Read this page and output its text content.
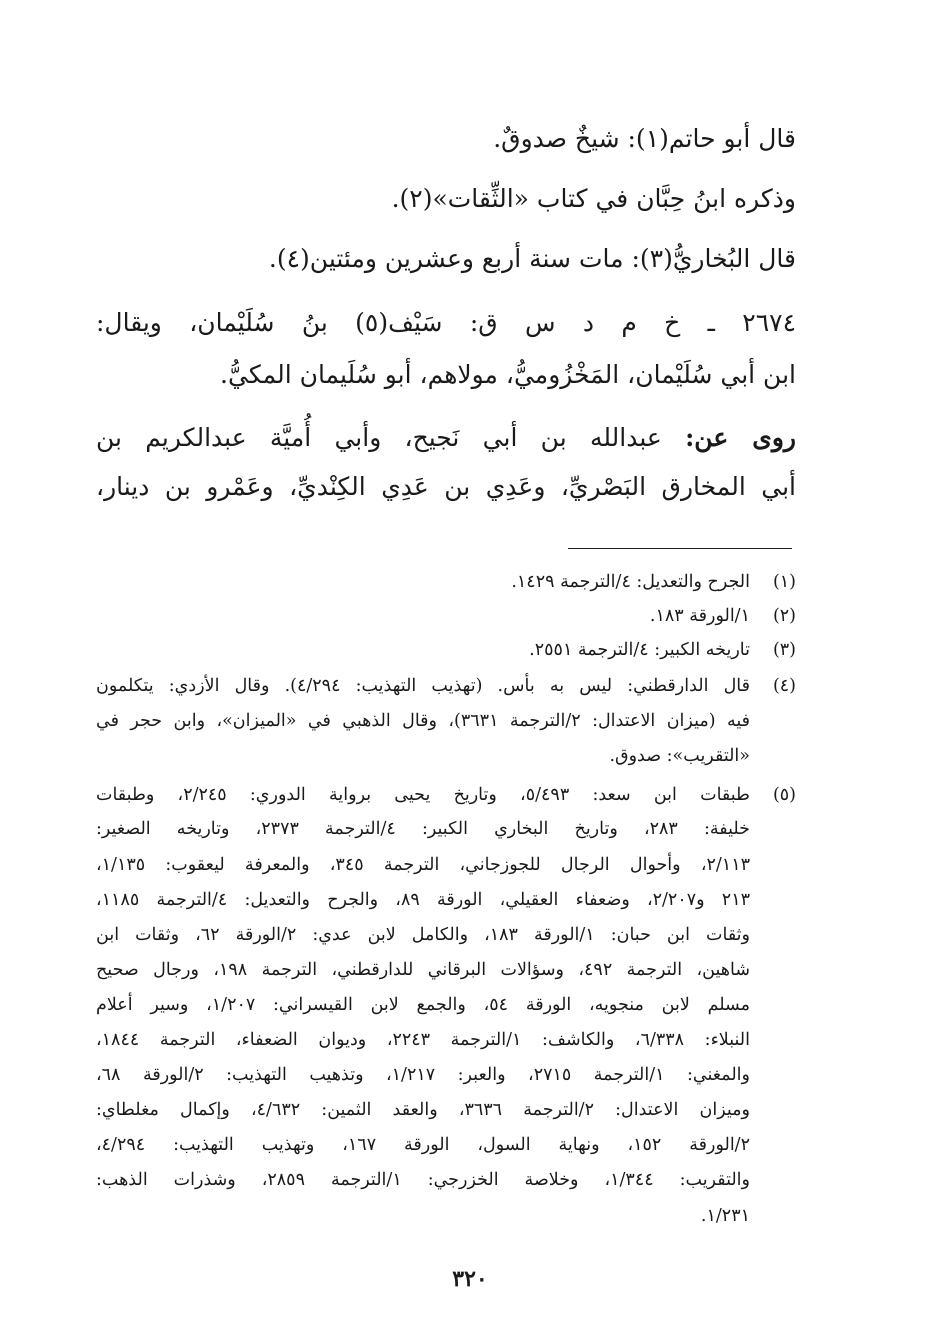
قال أبو حاتم(١): شيخٌ صدوقٌ.
وذكره ابنُ حِبَّان في كتاب «الثِّقات»(٢).
قال البُخاريُّ(٣): مات سنة أربع وعشرين ومئتين(٤).
٢٦٧٤ ـ خ م د س ق: سَيْف(٥) بنُ سُلَيْمان، ويقال:
ابن أبي سُلَيْمان، المَخْزُوميُّ، مولاهم، أبو سُلَيمان المكيُّ.
روى عن: عبدالله بن أبي نَجيح، وأبي أُميَّة عبدالكريم بن
أبي المخارق البَصْريِّ، وعَدِي بن عَدِي الكِنْديِّ، وعَمْرو بن دينار،
(١)
الجرح والتعديل: ٤/الترجمة ١٤٢٩.
(٢)
١/الورقة ١٨٣.
(٣)
تاريخه الكبير: ٤/الترجمة ٢٥٥١.
(٤)
قال الدارقطني: ليس به بأس. (تهذيب التهذيب: ٤/٢٩٤). وقال الأزدي: يتكلمون
فيه (ميزان الاعتدال: ٢/الترجمة ٣٦٣١)، وقال الذهبي في «الميزان»، وابن حجر في
«التقريب»: صدوق.
(٥)
طبقات ابن سعد: ٥/٤٩٣، وتاريخ يحيى برواية الدوري: ٢/٢٤٥، وطبقات
خليفة: ٢٨٣، وتاريخ البخاري الكبير: ٤/الترجمة ٢٣٧٣، وتاريخه الصغير:
٢/١١٣، وأحوال الرجال للجوزجاني، الترجمة ٣٤٥، والمعرفة ليعقوب: ١/١٣٥،
٢١٣ و٢/٢٠٧، وضعفاء العقيلي، الورقة ٨٩، والجرح والتعديل: ٤/الترجمة ١١٨٥،
وثقات ابن حبان: ١/الورقة ١٨٣، والكامل لابن عدي: ٢/الورقة ٦٢، وثقات ابن
شاهين، الترجمة ٤٩٢، وسؤالات البرقاني للدارقطني، الترجمة ١٩٨، ورجال صحيح
مسلم لابن منجويه، الورقة ٥٤، والجمع لابن القيسراني: ١/٢٠٧، وسير أعلام
النبلاء: ٦/٣٣٨، والكاشف: ١/الترجمة ٢٢٤٣، وديوان الضعفاء، الترجمة ١٨٤٤،
والمغني: ١/الترجمة ٢٧١٥، والعبر: ١/٢١٧، وتذهيب التهذيب: ٢/الورقة ٦٨،
وميزان الاعتدال: ٢/الترجمة ٣٦٣٦، والعقد الثمين: ٤/٦٣٢، وإكمال مغلطاي:
٢/الورقة ١٥٢، ونهاية السول، الورقة ١٦٧، وتهذيب التهذيب: ٤/٢٩٤،
والتقريب: ١/٣٤٤، وخلاصة الخزرجي: ١/الترجمة ٢٨٥٩، وشذرات الذهب:
١/٢٣١.
٣٢٠
